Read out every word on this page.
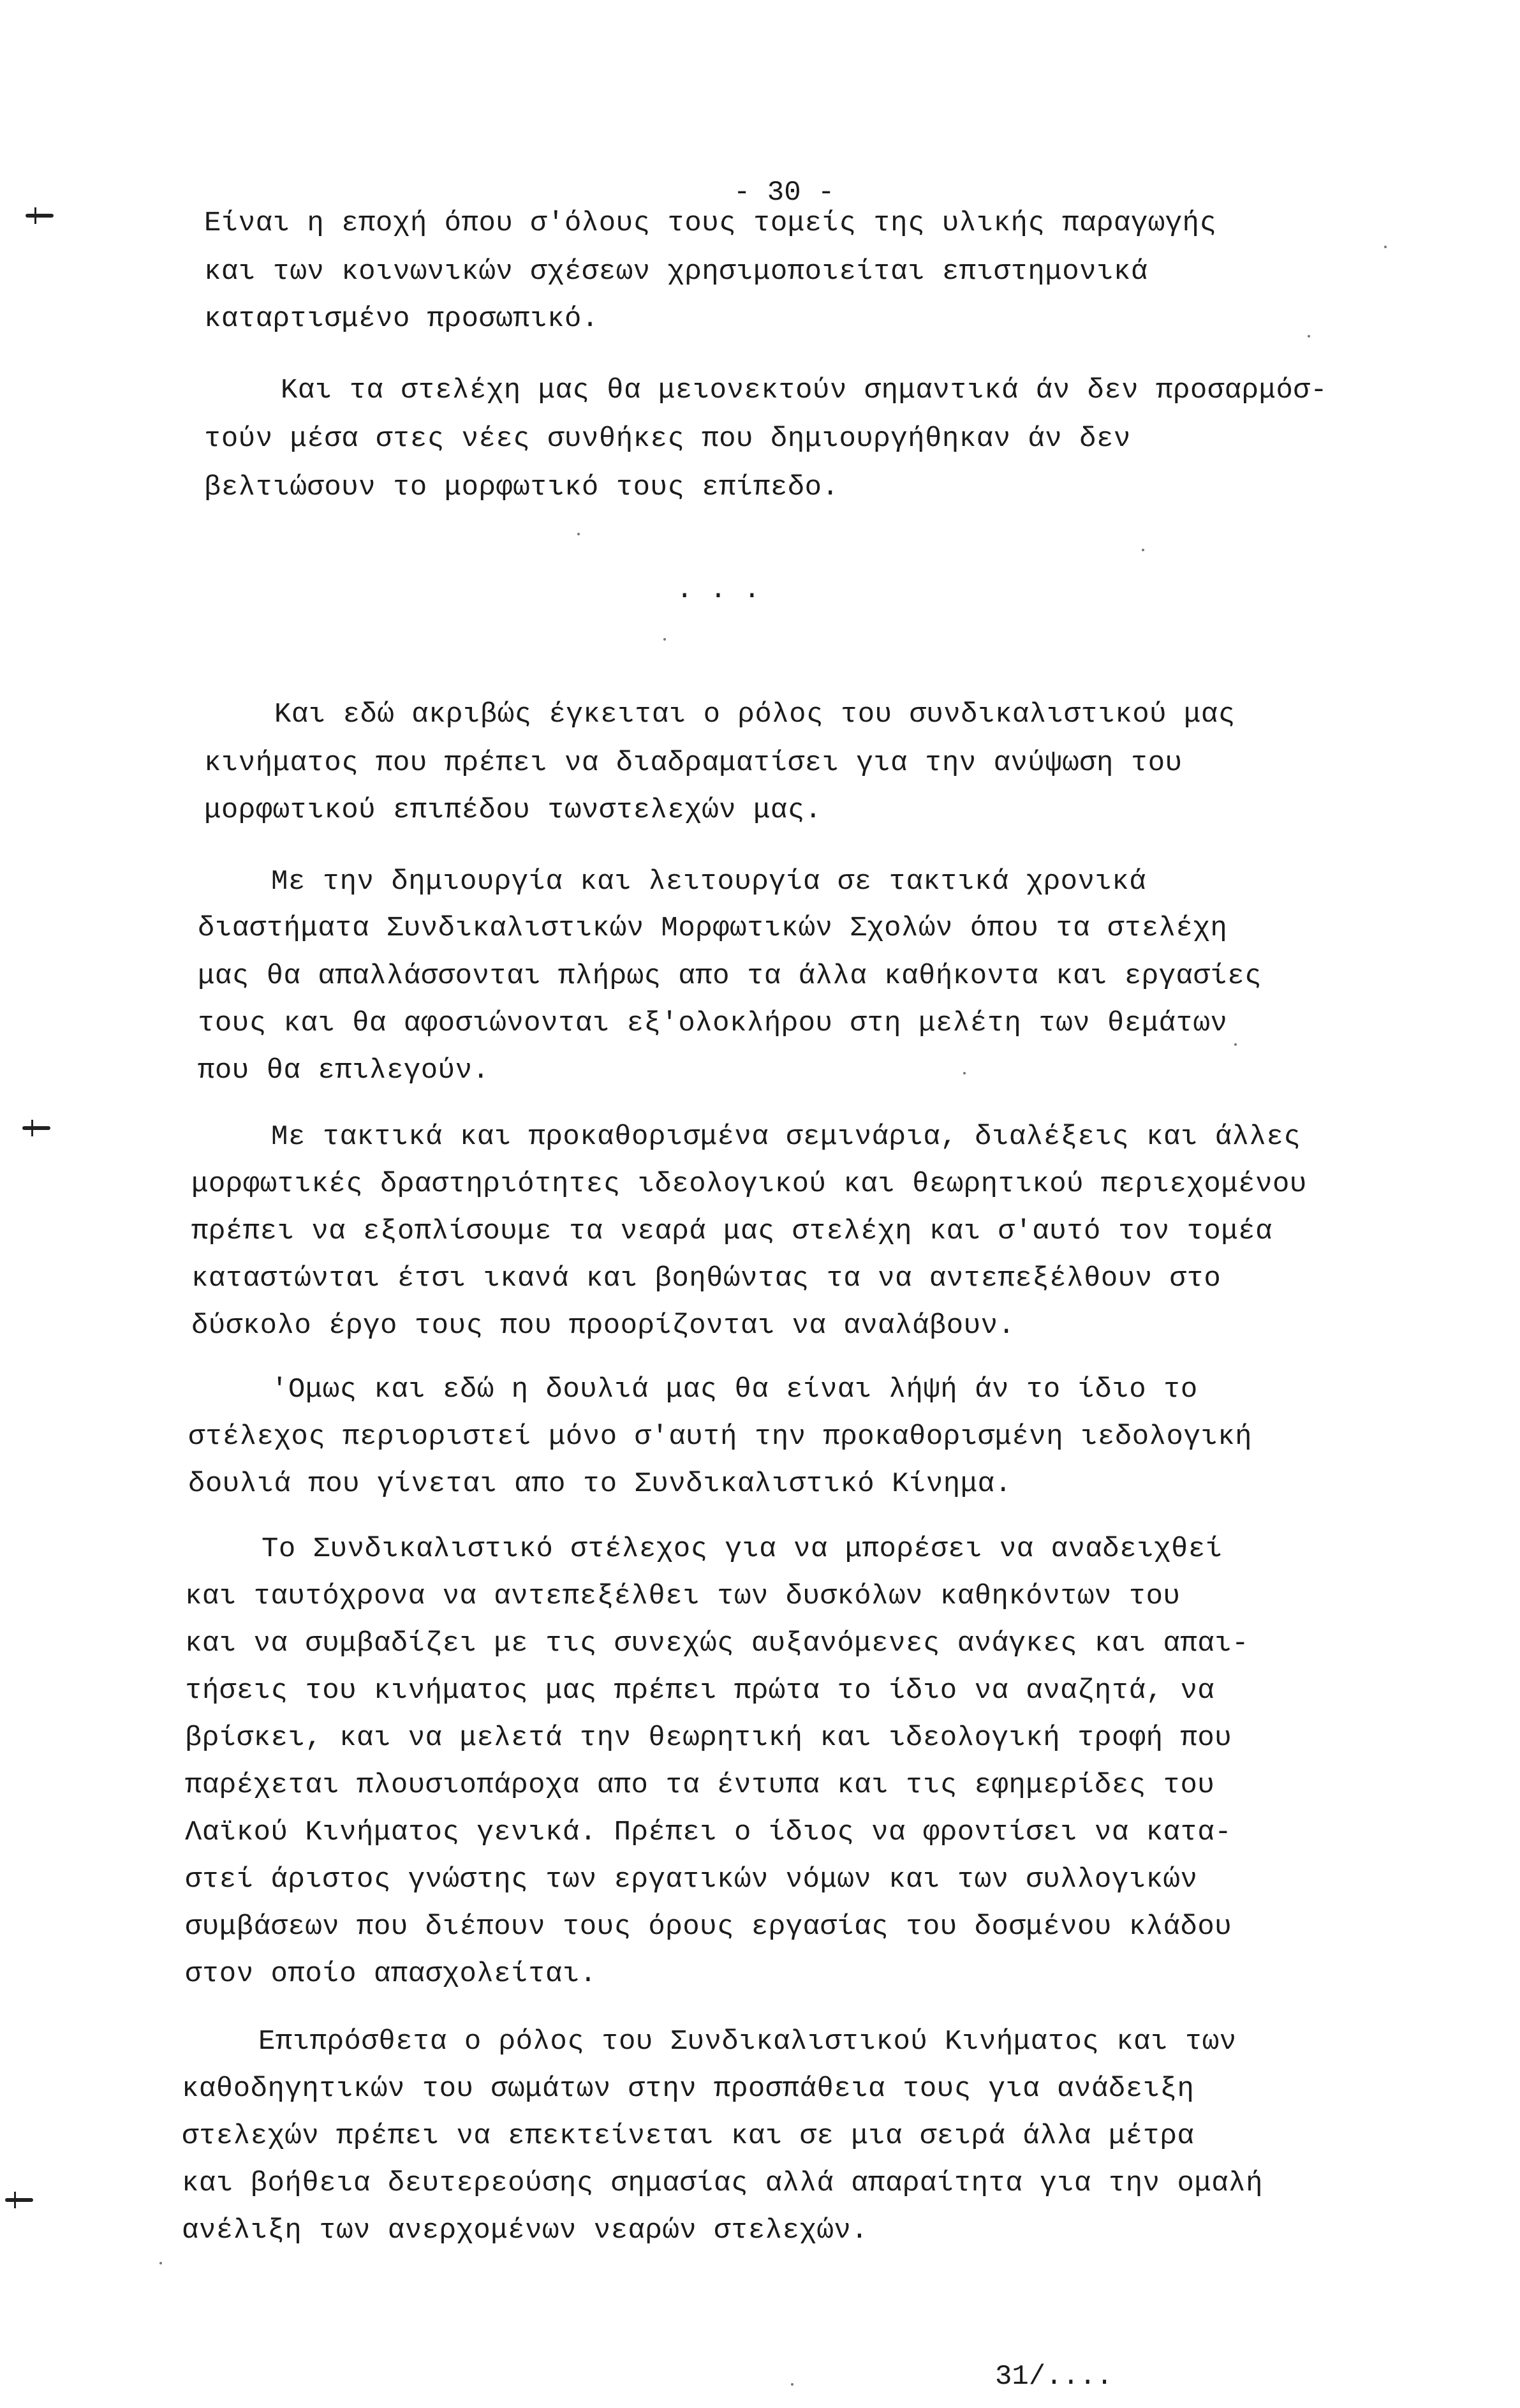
- 30 -
Είναι η εποχή όπου σ'όλους τους τομείς της υλικής παραγωγής
και των κοινωνικών σχέσεων χρησιμοποιείται επιστημονικά
καταρτισμένο προσωπικό.
Και τα στελέχη μας θα μειονεκτούν σημαντικά άν δεν προσαρμόσ-
τούν μέσα στες νέες συνθήκες που δημιουργήθηκαν άν δεν
βελτιώσουν το μορφωτικό τους επίπεδο.
. . .
Και εδώ ακριβώς έγκειται ο ρόλος του συνδικαλιστικού μας
κινήματος που πρέπει να διαδραματίσει για την ανύψωση του
μορφωτικού επιπέδου τωνστελεχών μας.
Με την δημιουργία και λειτουργία σε τακτικά χρονικά
διαστήματα Συνδικαλιστικών Μορφωτικών Σχολών όπου τα στελέχη
μας θα απαλλάσσονται πλήρως απο τα άλλα καθήκοντα και εργασίες
τους και θα αφοσιώνονται εξ'ολοκλήρου στη μελέτη των θεμάτων
που θα επιλεγούν.
Με τακτικά και προκαθορισμένα σεμινάρια, διαλέξεις και άλλες
μορφωτικές δραστηριότητες ιδεολογικού και θεωρητικού περιεχομένου
πρέπει να εξοπλίσουμε τα νεαρά μας στελέχη και σ'αυτό τον τομέα
καταστώνται έτσι ικανά και βοηθώντας τα να αντεπεξέλθουν στο
δύσκολο έργο τους που προορίζονται να αναλάβουν.
'Ομως και εδώ η δουλιά μας θα είναι λήψή άν το ίδιο το
στέλεχος περιοριστεί μόνο σ'αυτή την προκαθορισμένη ιεδολογική
δουλιά που γίνεται απο το Συνδικαλιστικό Κίνημα.
Το Συνδικαλιστικό στέλεχος για να μπορέσει να αναδειχθεί
και ταυτόχρονα να αντεπεξέλθει των δυσκόλων καθηκόντων του
και να συμβαδίζει με τις συνεχώς αυξανόμενες ανάγκες και απαι-
τήσεις του κινήματος μας πρέπει πρώτα το ίδιο να αναζητά, να
βρίσκει, και να μελετά την θεωρητική και ιδεολογική τροφή που
παρέχεται πλουσιοπάροχα απο τα έντυπα και τις εφημερίδες του
Λαϊκού Κινήματος γενικά. Πρέπει ο ίδιος να φροντίσει να κατα-
στεί άριστος γνώστης των εργατικών νόμων και των συλλογικών
συμβάσεων που διέπουν τους όρους εργασίας του δοσμένου κλάδου
στον οποίο απασχολείται.
Επιπρόσθετα ο ρόλος του Συνδικαλιστικού Κινήματος και των
καθοδηγητικών του σωμάτων στην προσπάθεια τους για ανάδειξη
στελεχών πρέπει να επεκτείνεται και σε μια σειρά άλλα μέτρα
και βοήθεια δευτερεούσης σημασίας αλλά απαραίτητα για την ομαλή
ανέλιξη των ανερχομένων νεαρών στελεχών.
31/....
